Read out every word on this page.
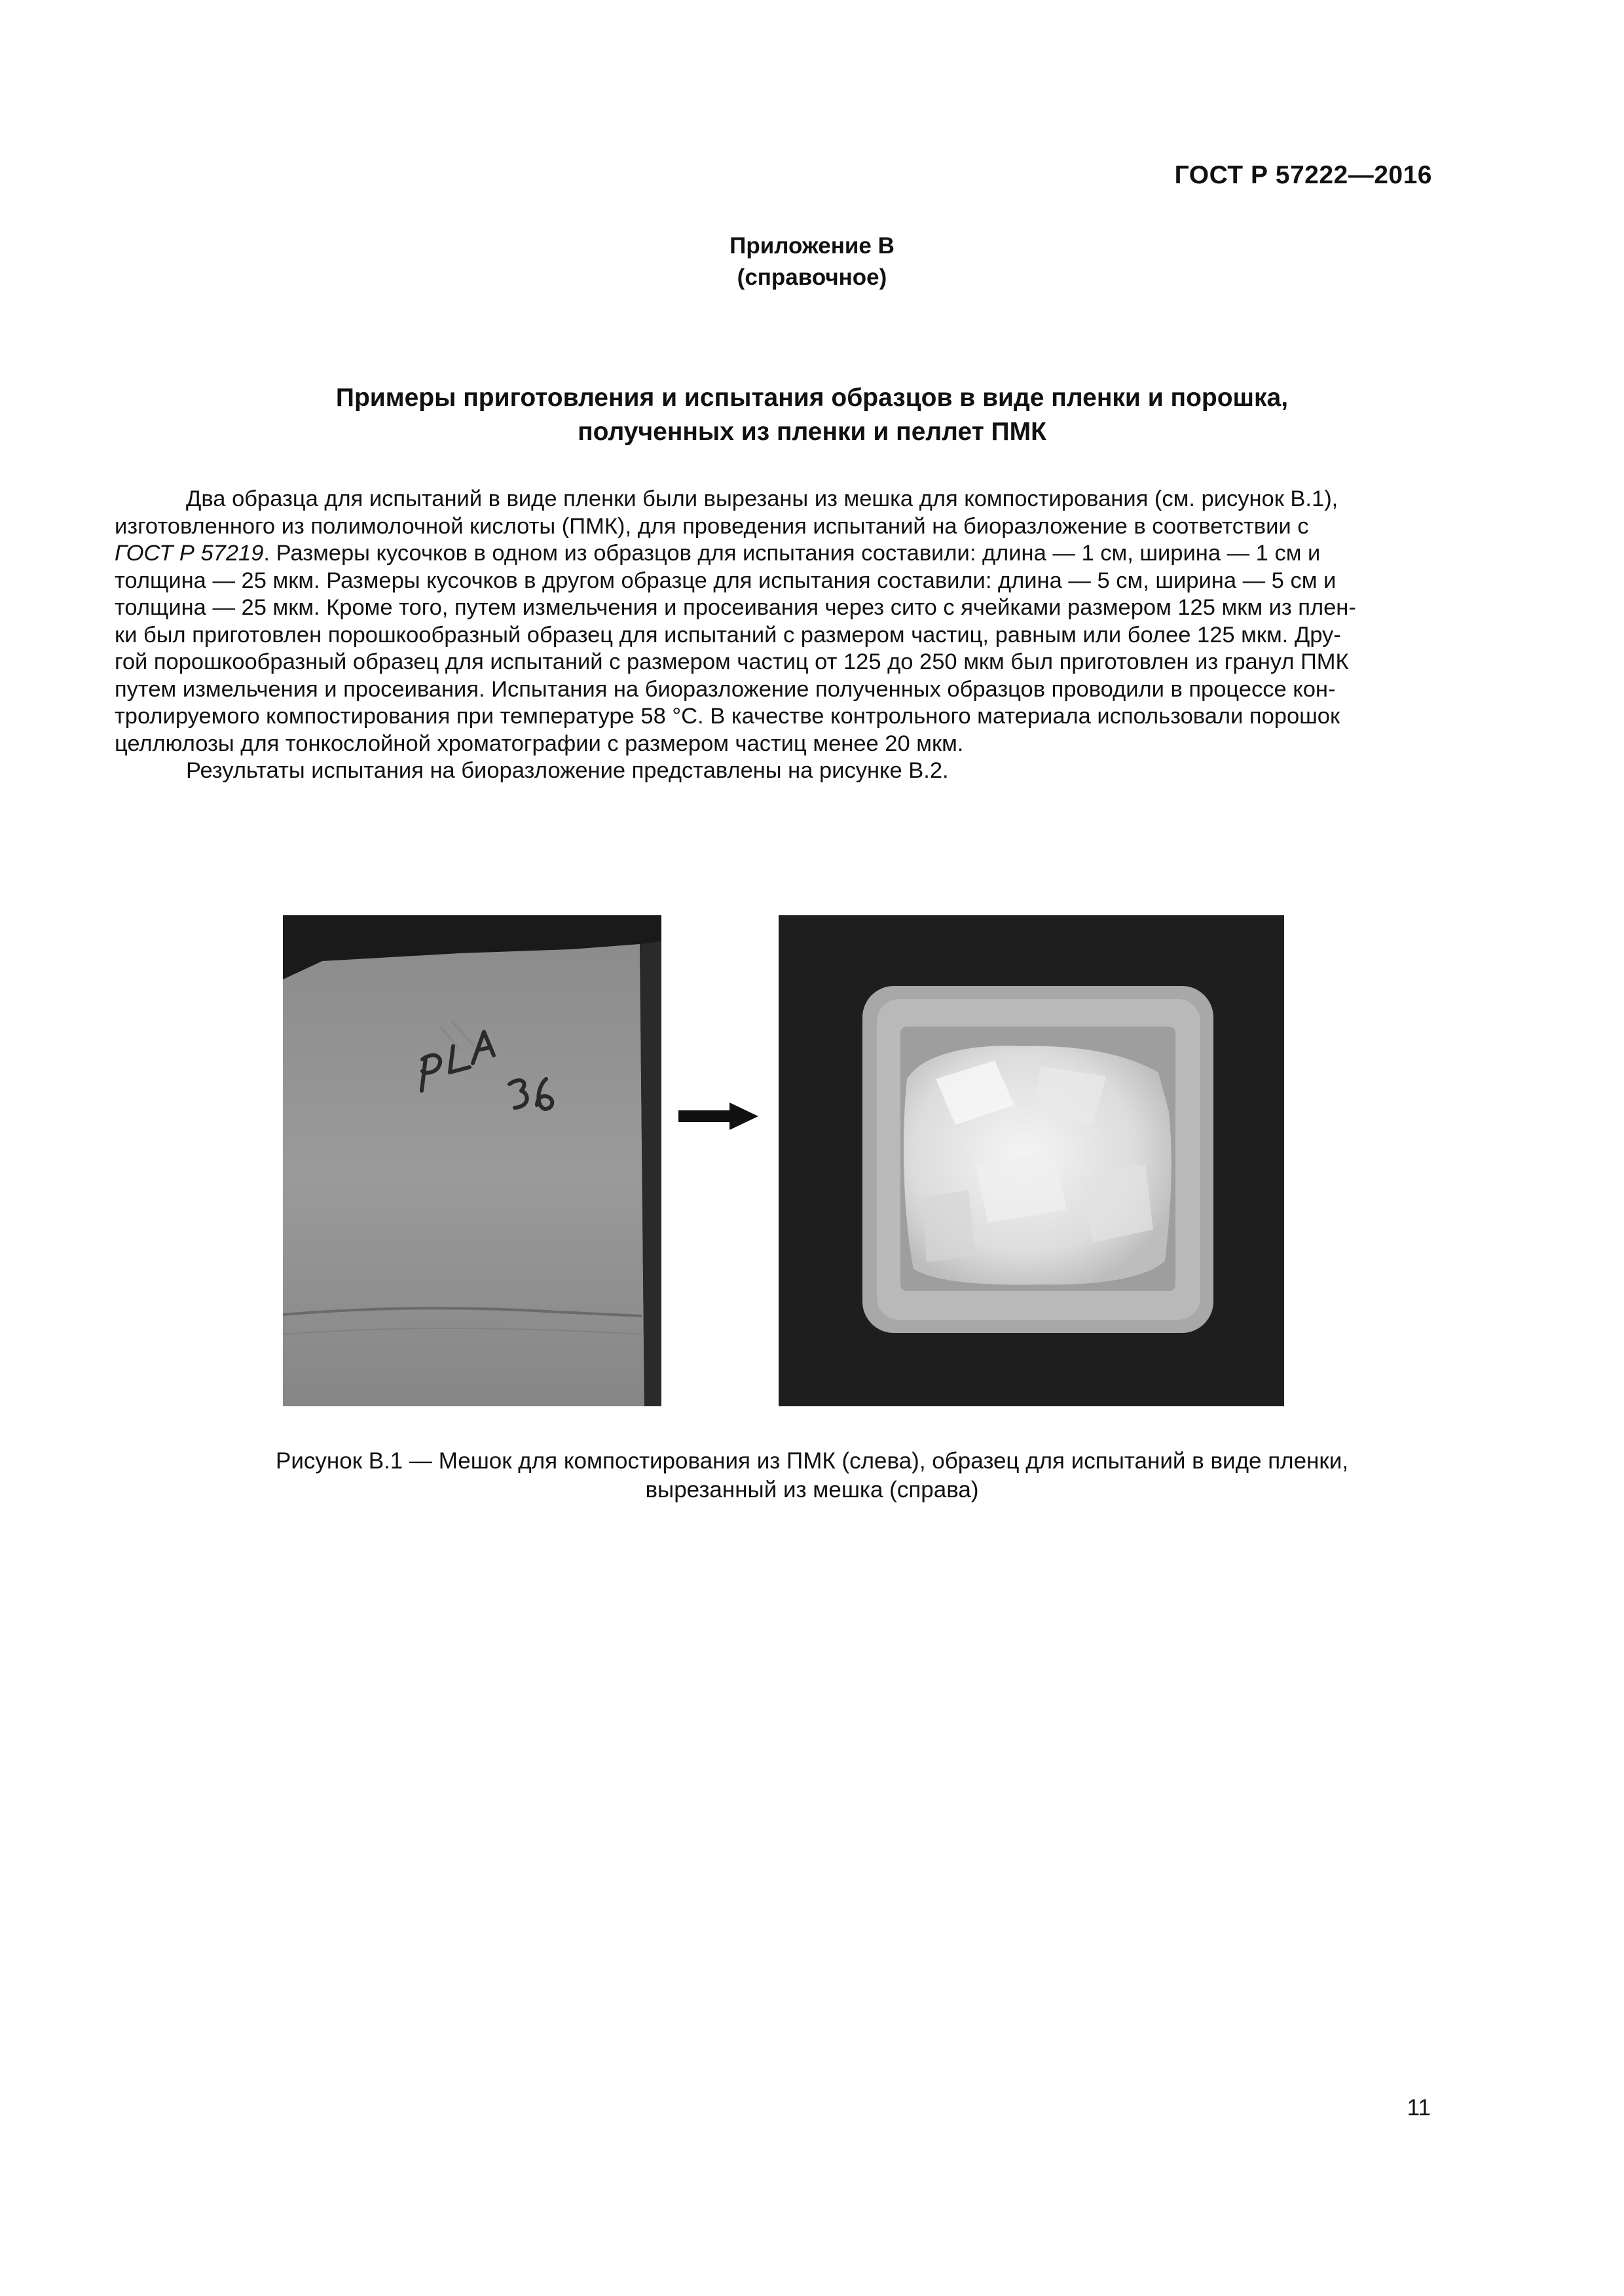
ГОСТ Р 57222—2016
Приложение В
(справочное)
Примеры приготовления и испытания образцов в виде пленки и порошка,
полученных из пленки и пеллет ПМК
Два образца для испытаний в виде пленки были вырезаны из мешка для компостирования (см. рисунок В.1),
изготовленного из полимолочной кислоты (ПМК), для проведения испытаний на биоразложение в соответствии с
ГОСТ Р 57219. Размеры кусочков в одном из образцов для испытания составили: длина — 1 см, ширина — 1 см и
толщина — 25 мкм. Размеры кусочков в другом образце для испытания составили: длина — 5 см, ширина — 5 см и
толщина — 25 мкм. Кроме того, путем измельчения и просеивания через сито с ячейками размером 125 мкм из плен-
ки был приготовлен порошкообразный образец для испытаний с размером частиц, равным или более 125 мкм. Дру-
гой порошкообразный образец для испытаний с размером частиц от 125 до 250 мкм был приготовлен из гранул ПМК
путем измельчения и просеивания. Испытания на биоразложение полученных образцов проводили в процессе кон-
тролируемого компостирования при температуре 58 °С. В качестве контрольного материала использовали порошок
целлюлозы для тонкослойной хроматографии с размером частиц менее 20 мкм.
Результаты испытания на биоразложение представлены на рисунке В.2.
Рисунок В.1 — Мешок для компостирования из ПМК (слева), образец для испытаний в виде пленки,
вырезанный из мешка (справа)
11
